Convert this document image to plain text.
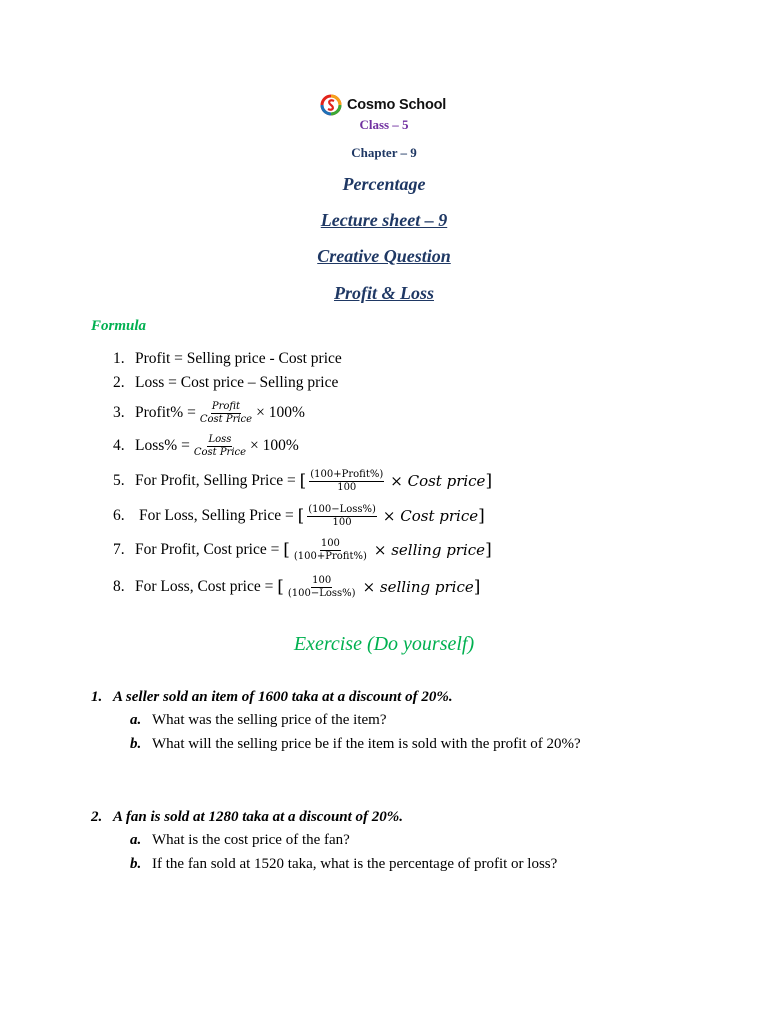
Cosmo School
Class – 5
Chapter – 9
Percentage
Lecture sheet – 9
Creative Question
Profit & Loss
Formula
1. Profit = Selling price - Cost price
2. Loss = Cost price – Selling price
3. Profit% = $\frac{\text{Profit}}{\text{Cost Price}} \times 100\%$
4. Loss% = $\frac{\text{Loss}}{\text{Cost Price}} \times 100\%$
5. For Profit, Selling Price =
[ $\frac{\text{(100+Profit\%)}}{100}$ × Cost price ]
6. For Loss, Selling Price =
[ $\frac{\text{(100−Loss\%)}}{100}$ × Cost price ]
7. For Profit, Cost price =
[ $\frac{100}{\text{(100+Profit\%)}}$ × selling price ]
8. For Loss, Cost price =
[ $\frac{100}{\text{(100−Loss\%)}}$ × selling price ]
Exercise (Do yourself)
1. A seller sold an item of 1600 taka at a discount of 20%.
a. What was the selling price of the item?
b. What will the selling price be if the item is sold with the profit of 20%?
2. A fan is sold at 1280 taka at a discount of 20%.
a. What is the cost price of the fan?
b. If the fan sold at 1520 taka, what is the percentage of profit or loss?
